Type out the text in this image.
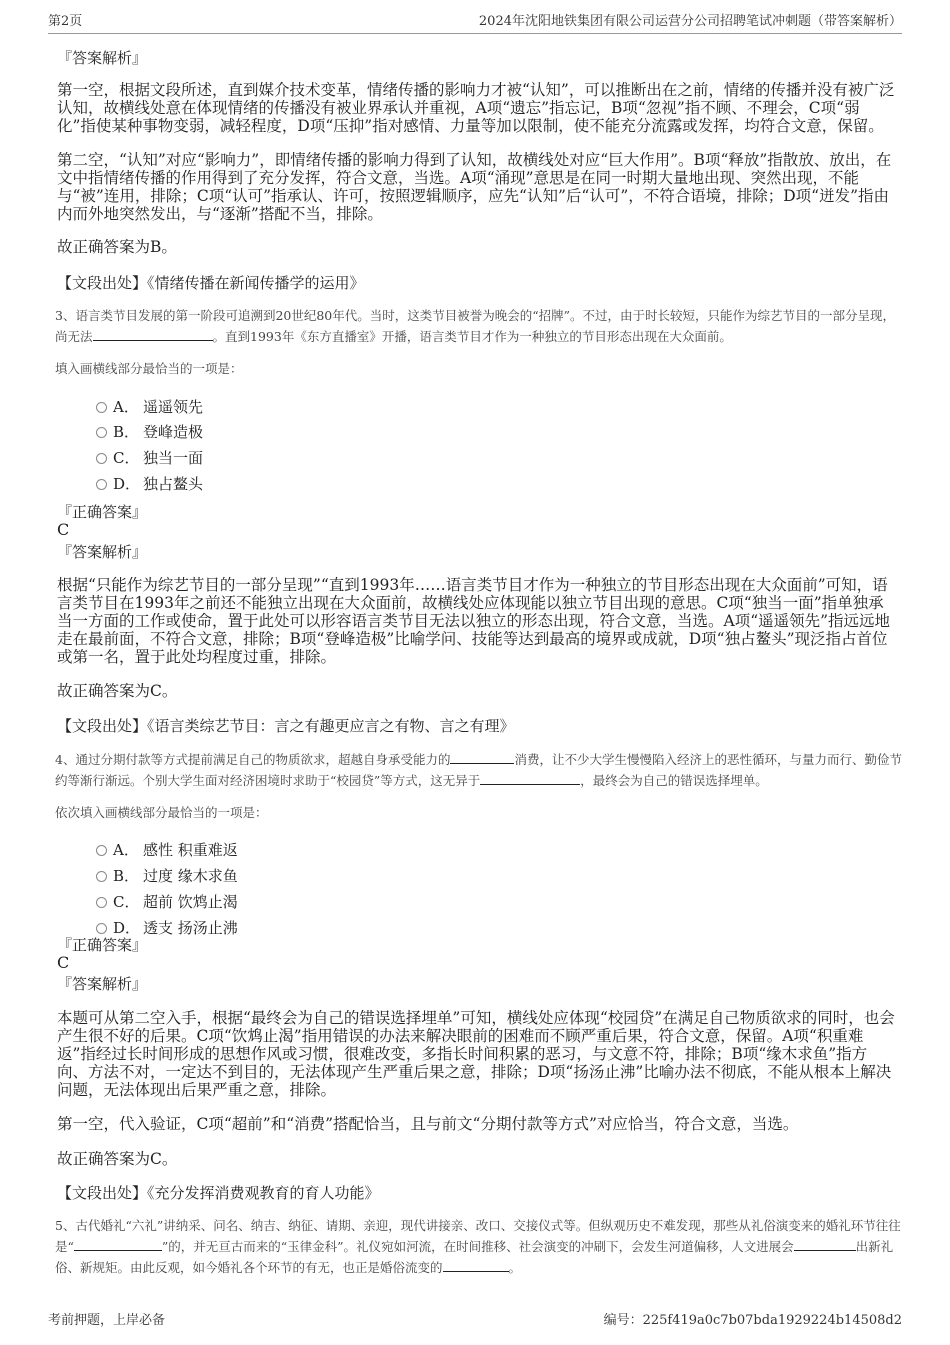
第2页	2024年沈阳地铁集团有限公司运营分公司招聘笔试冲刺题（带答案解析）

『答案解析』

第一空，根据文段所述，直到媒介技术变革，情绪传播的影响力才被“认知”，可以推断出在之前，情绪的传播并没有被广泛认知，故横线处意在体现情绪的传播没有被业界承认并重视，A项“遗忘”指忘记，B项“忽视”指不顾、不理会，C项“弱化”指使某种事物变弱，减轻程度，D项“压抑”指对感情、力量等加以限制，使不能充分流露或发挥，均符合文意，保留。

第二空，“认知”对应“影响力”，即情绪传播的影响力得到了认知，故横线处对应“巨大作用”。B项“释放”指散放、放出，在文中指情绪传播的作用得到了充分发挥，符合文意，当选。A项“涌现”意思是在同一时期大量地出现、突然出现，不能与“被”连用，排除；C项“认可”指承认、许可，按照逻辑顺序，应先“认知”后“认可”，不符合语境，排除；D项“迸发”指由内而外地突然发出，与“逐渐”搭配不当，排除。

故正确答案为B。

【文段出处】《情绪传播在新闻传播学的运用》

3、语言类节目发展的第一阶段可追溯到20世纪80年代。当时，这类节目被誉为晚会的“招牌”。不过，由于时长较短，只能作为综艺节目的一部分呈现，尚无法	。直到1993年《东方直播室》开播，语言类节目才作为一种独立的节目形态出现在大众面前。

填入画横线部分最恰当的一项是：

A． 遥遥领先
B． 登峰造极
C． 独当一面
D． 独占鳌头

『正确答案』

C

『答案解析』

根据“只能作为综艺节目的一部分呈现”“直到1993年……语言类节目才作为一种独立的节目形态出现在大众面前”可知，语言类节目在1993年之前还不能独立出现在大众面前，故横线处应体现能以独立节目出现的意思。C项“独当一面”指单独承当一方面的工作或使命，置于此处可以形容语言类节目无法以独立的形态出现，符合文意，当选。A项“遥遥领先”指远远地走在最前面，不符合文意，排除；B项“登峰造极”比喻学问、技能等达到最高的境界或成就，D项“独占鳌头”现泛指占首位或第一名，置于此处均程度过重，排除。

故正确答案为C。

【文段出处】《语言类综艺节目：言之有趣更应言之有物、言之有理》

4、通过分期付款等方式提前满足自己的物质欲求，超越自身承受能力的	消费，让不少大学生慢慢陷入经济上的恶性循环，与量力而行、勤俭节约等渐行渐远。个别大学生面对经济困境时求助于“校园贷”等方式，这无异于	，最终会为自己的错误选择埋单。

依次填入画横线部分最恰当的一项是：

A． 感性 积重难返
B． 过度 缘木求鱼
C． 超前 饮鸩止渴
D． 透支 扬汤止沸

『正确答案』

C

『答案解析』

本题可从第二空入手，根据“最终会为自己的错误选择埋单”可知，横线处应体现“校园贷”在满足自己物质欲求的同时，也会产生很不好的后果。C项“饮鸩止渴”指用错误的办法来解决眼前的困难而不顾严重后果，符合文意，保留。A项“积重难返”指经过长时间形成的思想作风或习惯，很难改变，多指长时间积累的恶习，与文意不符，排除；B项“缘木求鱼”指方向、方法不对，一定达不到目的，无法体现产生严重后果之意，排除；D项“扬汤止沸”比喻办法不彻底，不能从根本上解决问题，无法体现出后果严重之意，排除。

第一空，代入验证，C项“超前”和“消费”搭配恰当，且与前文“分期付款等方式”对应恰当，符合文意，当选。

故正确答案为C。

【文段出处】《充分发挥消费观教育的育人功能》

5、古代婚礼“六礼”讲纳采、问名、纳吉、纳征、请期、亲迎，现代讲接亲、改口、交接仪式等。但纵观历史不难发现，那些从礼俗演变来的婚礼环节往往是“	”的，并无亘古而来的“玉律金科”。礼仪宛如河流，在时间推移、社会演变的冲刷下，会发生河道偏移，人文进展会	出新礼俗、新规矩。由此反观，如今婚礼各个环节的有无，也正是婚俗流变的	。

考前押题，上岸必备	编号：225f419a0c7b07bda1929224b14508d2
